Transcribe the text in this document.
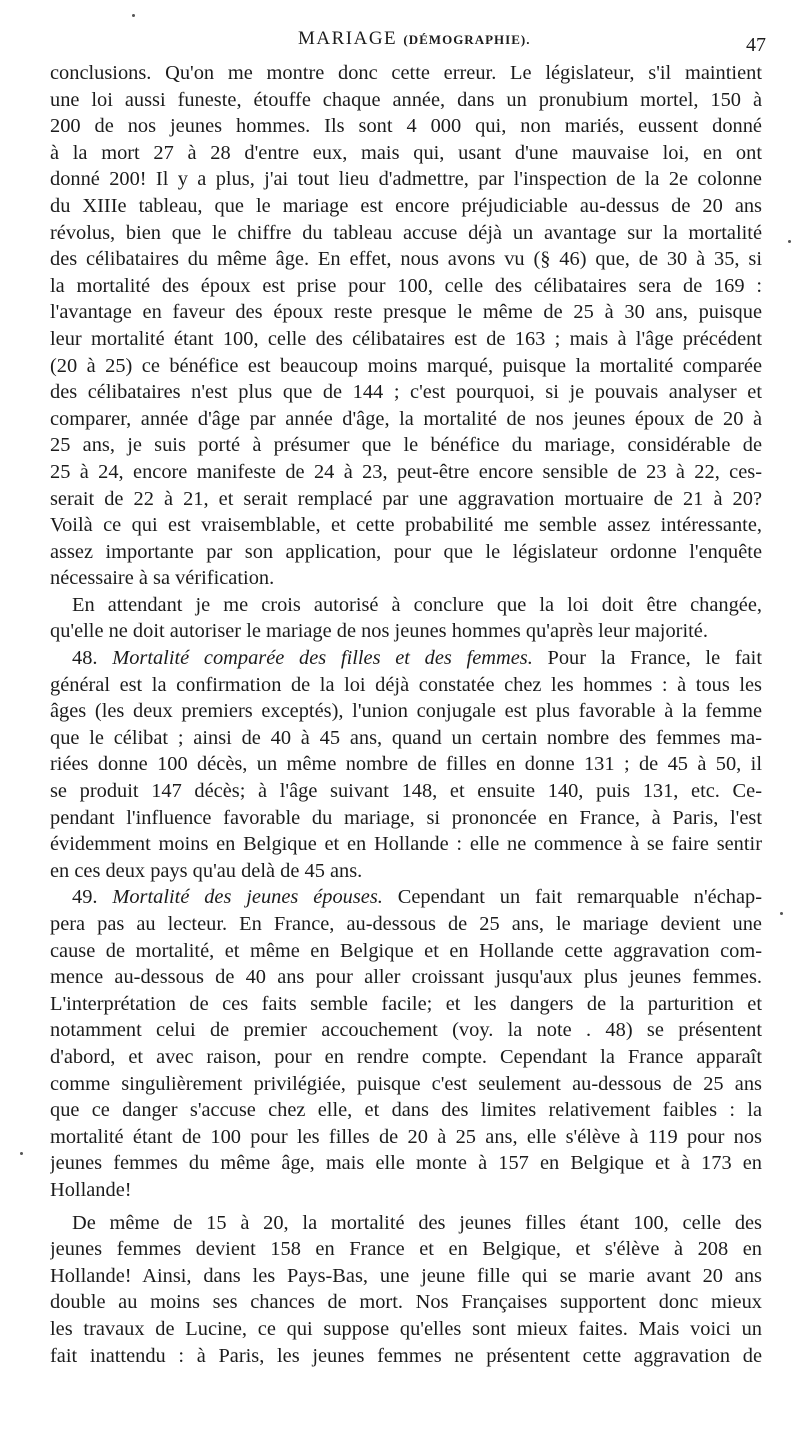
MARIAGE (DÉMOGRAPHIE).	47
conclusions. Qu'on me montre donc cette erreur. Le législateur, s'il maintient
une loi aussi funeste, étouffe chaque année, dans un pronubium mortel, 150 à
200 de nos jeunes hommes. Ils sont 4 000 qui, non mariés, eussent donné
à la mort 27 à 28 d'entre eux, mais qui, usant d'une mauvaise loi, en ont
donné 200! Il y a plus, j'ai tout lieu d'admettre, par l'inspection de la 2e colonne
du XIIIe tableau, que le mariage est encore préjudiciable au-dessus de 20 ans
révolus, bien que le chiffre du tableau accuse déjà un avantage sur la mortalité
des célibataires du même âge. En effet, nous avons vu (§ 46) que, de 30 à 35, si
la mortalité des époux est prise pour 100, celle des célibataires sera de 169 :
l'avantage en faveur des époux reste presque le même de 25 à 30 ans, puisque
leur mortalité étant 100, celle des célibataires est de 163 ; mais à l'âge précédent
(20 à 25) ce bénéfice est beaucoup moins marqué, puisque la mortalité comparée
des célibataires n'est plus que de 144 ; c'est pourquoi, si je pouvais analyser et
comparer, année d'âge par année d'âge, la mortalité de nos jeunes époux de 20 à
25 ans, je suis porté à présumer que le bénéfice du mariage, considérable de
25 à 24, encore manifeste de 24 à 23, peut-être encore sensible de 23 à 22, ces-
serait de 22 à 21, et serait remplacé par une aggravation mortuaire de 21 à 20?
Voilà ce qui est vraisemblable, et cette probabilité me semble assez intéressante,
assez importante par son application, pour que le législateur ordonne l'enquête
nécessaire à sa vérification.
En attendant je me crois autorisé à conclure que la loi doit être changée,
qu'elle ne doit autoriser le mariage de nos jeunes hommes qu'après leur majorité.
48. Mortalité comparée des filles et des femmes. Pour la France, le fait
général est la confirmation de la loi déjà constatée chez les hommes : à tous les
âges (les deux premiers exceptés), l'union conjugale est plus favorable à la femme
que le célibat ; ainsi de 40 à 45 ans, quand un certain nombre des femmes ma-
riées donne 100 décès, un même nombre de filles en donne 131 ; de 45 à 50, il
se produit 147 décès; à l'âge suivant 148, et ensuite 140, puis 131, etc. Ce-
pendant l'influence favorable du mariage, si prononcée en France, à Paris, l'est
évidemment moins en Belgique et en Hollande : elle ne commence à se faire sentir
en ces deux pays qu'au delà de 45 ans.
49. Mortalité des jeunes épouses. Cependant un fait remarquable n'échap-
pera pas au lecteur. En France, au-dessous de 25 ans, le mariage devient une
cause de mortalité, et même en Belgique et en Hollande cette aggravation com-
mence au-dessous de 40 ans pour aller croissant jusqu'aux plus jeunes femmes.
L'interprétation de ces faits semble facile; et les dangers de la parturition et
notamment celui de premier accouchement (voy. la note . 48) se présentent
d'abord, et avec raison, pour en rendre compte. Cependant la France apparaît
comme singulièrement privilégiée, puisque c'est seulement au-dessous de 25 ans
que ce danger s'accuse chez elle, et dans des limites relativement faibles : la
mortalité étant de 100 pour les filles de 20 à 25 ans, elle s'élève à 119 pour nos
jeunes femmes du même âge, mais elle monte à 157 en Belgique et à 173 en
Hollande!
De même de 15 à 20, la mortalité des jeunes filles étant 100, celle des
jeunes femmes devient 158 en France et en Belgique, et s'élève à 208 en
Hollande! Ainsi, dans les Pays-Bas, une jeune fille qui se marie avant 20 ans
double au moins ses chances de mort. Nos Françaises supportent donc mieux
les travaux de Lucine, ce qui suppose qu'elles sont mieux faites. Mais voici un
fait inattendu : à Paris, les jeunes femmes ne présentent cette aggravation de
